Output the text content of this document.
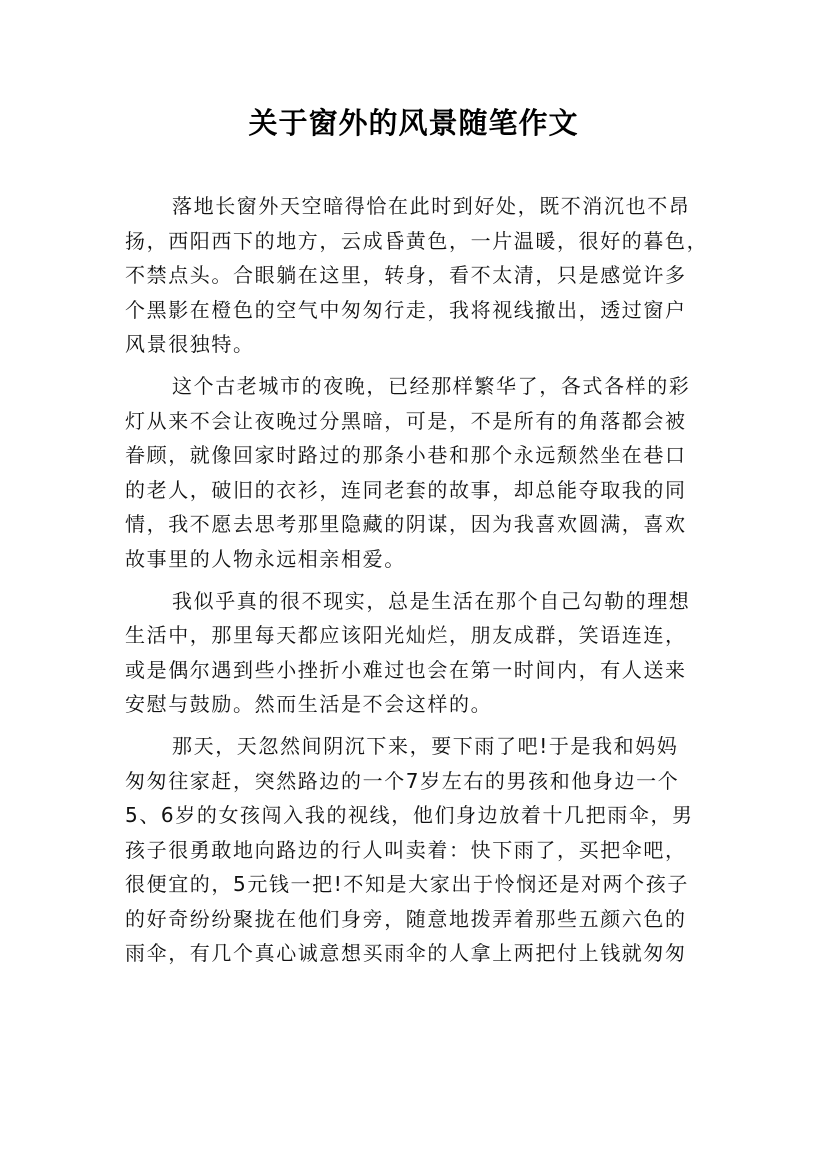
关于窗外的风景随笔作文
落地长窗外天空暗得恰在此时到好处，既不消沉也不昂
扬，西阳西下的地方，云成昏黄色，一片温暖，很好的暮色，
不禁点头。合眼躺在这里，转身，看不太清，只是感觉许多
个黑影在橙色的空气中匆匆行走，我将视线撤出，透过窗户
风景很独特。
这个古老城市的夜晚，已经那样繁华了，各式各样的彩
灯从来不会让夜晚过分黑暗，可是，不是所有的角落都会被
眷顾，就像回家时路过的那条小巷和那个永远颓然坐在巷口
的老人，破旧的衣衫，连同老套的故事，却总能夺取我的同
情，我不愿去思考那里隐藏的阴谋，因为我喜欢圆满，喜欢
故事里的人物永远相亲相爱。
我似乎真的很不现实，总是生活在那个自己勾勒的理想
生活中，那里每天都应该阳光灿烂，朋友成群，笑语连连，
或是偶尔遇到些小挫折小难过也会在第一时间内，有人送来
安慰与鼓励。然而生活是不会这样的。
那天，天忽然间阴沉下来，要下雨了吧!于是我和妈妈
匆匆往家赶，突然路边的一个7岁左右的男孩和他身边一个
5、6岁的女孩闯入我的视线，他们身边放着十几把雨伞，男
孩子很勇敢地向路边的行人叫卖着：快下雨了，买把伞吧，
很便宜的，5元钱一把!不知是大家出于怜悯还是对两个孩子
的好奇纷纷聚拢在他们身旁，随意地拨弄着那些五颜六色的
雨伞，有几个真心诚意想买雨伞的人拿上两把付上钱就匆匆
